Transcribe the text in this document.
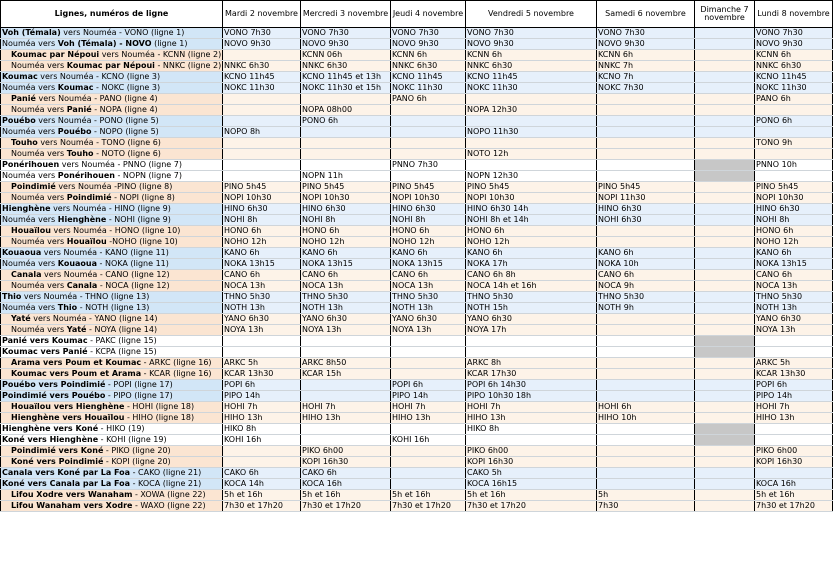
Lignes, numéros de ligne	Mardi 2 novembre	Mercredi 3 novembre	Jeudi 4 novembre	Vendredi 5 novembre	Samedi 6 novembre	Dimanche 7 novembre	Lundi 8 novembre
Voh (Témala) vers Nouméa - VONO (ligne 1)	VONO 7h30	VONO 7h30	VONO 7h30	VONO 7h30	VONO 7h30		VONO 7h30
Nouméa vers Voh (Témala) - NOVO (ligne 1)	NOVO 9h30	NOVO 9h30	NOVO 9h30	NOVO 9h30	NOVO 9h30		NOVO 9h30
Koumac par Népoui vers Nouméa - KCNN (ligne 2)		KCNN 06h	KCNN 6h	KCNN 6h	KCNN 6h		KCNN 6h
Nouméa vers Koumac par Népoui - NNKC (ligne 2)	NNKC 6h30	NNKC 6h30	NNKC 6h30	NNKC 6h30	NNKC 7h		NNKC 6h30
Koumac vers Nouméa - KCNO (ligne 3)	KCNO 11h45	KCNO 11h45 et 13h	KCNO 11h45	KCNO 11h45	KCNO 7h		KCNO 11h45
Nouméa vers Koumac - NOKC (ligne 3)	NOKC 11h30	NOKC 11h30 et 15h	NOKC 11h30	NOKC 11h30	NOKC 7h30		NOKC 11h30
Panié vers Nouméa - PANO (ligne 4)			PANO 6h				PANO 6h
Nouméa vers Panié - NOPA (ligne 4)		NOPA 08h00		NOPA 12h30			
Pouébo vers Nouméa - PONO (ligne 5)		PONO 6h					PONO 6h
Nouméa vers Pouébo - NOPO (ligne 5)	NOPO 8h			NOPO 11h30			
Touho vers Nouméa - TONO (ligne 6)							TONO 9h
Nouméa vers Touho - NOTO (ligne 6)				NOTO 12h			
Ponérihouen vers Nouméa - PNNO (ligne 7)			PNNO 7h30				PNNO 10h
Nouméa vers Ponérihouen - NOPN (ligne 7)		NOPN 11h		NOPN 12h30			
Poindimié vers Nouméa -PINO (ligne 8)	PINO 5h45	PINO 5h45	PINO 5h45	PINO 5h45	PINO 5h45		PINO 5h45
Nouméa vers Poindimié - NOPI (ligne 8)	NOPI 10h30	NOPI 10h30	NOPI 10h30	NOPI 10h30	NOPI 11h30		NOPI 10h30
Hienghène vers Nouméa - HINO (ligne 9)	HINO 6h30	HINO 6h30	HINO 6h30	HINO 6h30 14h	HINO 6h30		HINO 6h30
Nouméa vers Hienghène - NOHI (ligne 9)	NOHI 8h	NOHI 8h	NOHI 8h	NOHI 8h et 14h	NOHI 6h30		NOHI 8h
Houaïlou vers Nouméa - HONO (ligne 10)	HONO 6h	HONO 6h	HONO 6h	HONO 6h			HONO 6h
Nouméa vers Houaïlou -NOHO (ligne 10)	NOHO 12h	NOHO 12h	NOHO 12h	NOHO 12h			NOHO 12h
Kouaoua vers Nouméa - KANO (ligne 11)	KANO 6h	KANO 6h	KANO 6h	KANO 6h	KANO 6h		KANO 6h
Nouméa vers Kouaoua - NOKA (ligne 11)	NOKA 13h15	NOKA 13h15	NOKA 13h15	NOKA 17h	NOKA 10h		NOKA 13h15
Canala vers Nouméa - CANO (ligne 12)	CANO 6h	CANO 6h	CANO 6h	CANO 6h 8h	CANO 6h		CANO 6h
Nouméa vers Canala - NOCA (ligne 12)	NOCA 13h	NOCA 13h	NOCA 13h	NOCA 14h et 16h	NOCA 9h		NOCA 13h
Thio vers Nouméa - THNO (ligne 13)	THNO 5h30	THNO 5h30	THNO 5h30	THNO 5h30	THNO 5h30		THNO 5h30
Nouméa vers Thio - NOTH (ligne 13)	NOTH 13h	NOTH 13h	NOTH 13h	NOTH 15h	NOTH 9h		NOTH 13h
Yaté vers Nouméa - YANO (ligne 14)	YANO 6h30	YANO 6h30	YANO 6h30	YANO 6h30			YANO 6h30
Nouméa vers Yaté - NOYA (ligne 14)	NOYA 13h	NOYA 13h	NOYA 13h	NOYA 17h			NOYA 13h
Panié vers Koumac - PAKC (ligne 15)							
Koumac vers Panié - KCPA (ligne 15)							
Arama vers Poum et Koumac - ARKC (ligne 16)	ARKC 5h	ARKC 8h50		ARKC 8h			ARKC 5h
Koumac vers Poum et Arama - KCAR (ligne 16)	KCAR 13h30	KCAR 15h		KCAR 17h30			KCAR 13h30
Pouébo vers Poindimié - POPI (ligne 17)	POPI 6h		POPI 6h	POPI 6h 14h30			POPI 6h
Poindimié vers Pouébo - PIPO (ligne 17)	PIPO 14h		PIPO 14h	PIPO 10h30 18h			PIPO 14h
Houaïlou vers Hienghène - HOHI (ligne 18)	HOHI 7h	HOHI 7h	HOHI 7h	HOHI 7h	HOHI 6h		HOHI 7h
Hienghène vers Houaïlou - HIHO (ligne 18)	HIHO 13h	HIHO 13h	HIHO 13h	HIHO 13h	HIHO 10h		HIHO 13h
Hienghène vers Koné - HIKO (19)	HIKO 8h			HIKO 8h			
Koné vers Hienghène - KOHI (ligne 19)	KOHI 16h		KOHI 16h				
Poindimié vers Koné - PIKO (ligne 20)		PIKO 6h00		PIKO 6h00			PIKO 6h00
Koné vers Poindimié - KOPI (ligne 20)		KOPI 16h30		KOPI 16h30			KOPI 16h30
Canala vers Koné par La Foa - CAKO (ligne 21)	CAKO 6h	CAKO 6h		CAKO 5h			
Koné vers Canala par La Foa - KOCA (ligne 21)	KOCA 14h	KOCA 16h		KOCA 16h15			KOCA 16h
Lifou Xodre vers Wanaham - XOWA (ligne 22)	5h et 16h	5h et 16h	5h et 16h	5h et 16h	5h		5h et 16h
Lifou Wanaham vers Xodre - WAXO (ligne 22)	7h30 et 17h20	7h30 et 17h20	7h30 et 17h20	7h30 et 17h20	7h30		7h30 et 17h20
